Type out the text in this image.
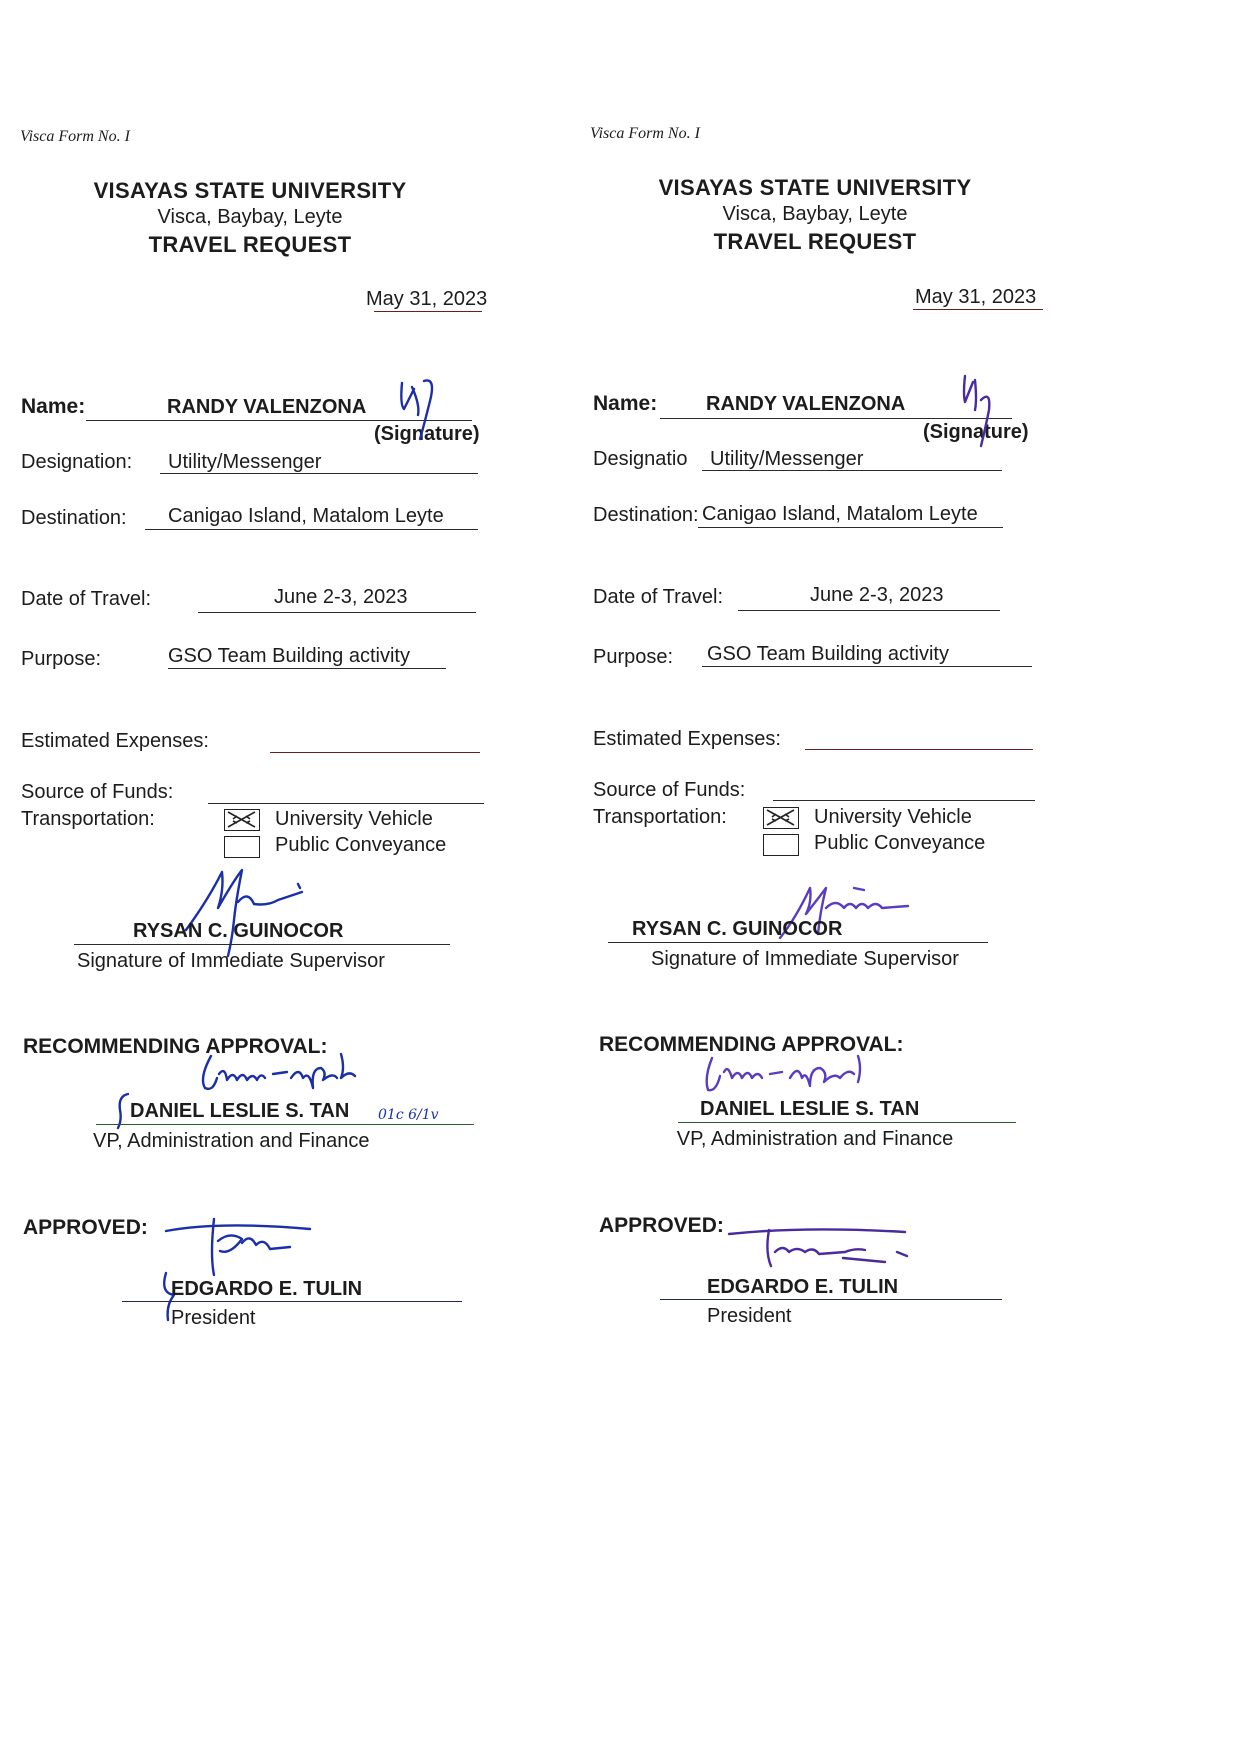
Visca Form No. I
VISAYAS STATE UNIVERSITY
Visca, Baybay, Leyte
TRAVEL REQUEST
May 31, 2023
Name:	RANDY VALENZONA
(Signature)
Designation: Utility/Messenger
Destination: Canigao Island, Matalom Leyte
Date of Travel:	June 2-3, 2023
Purpose:	GSO Team Building activity
Estimated Expenses:
Source of Funds:
Transportation:	University Vehicle
Public Conveyance
RYSAN C. GUINOCOR
Signature of Immediate Supervisor
RECOMMENDING APPROVAL:
DANIEL LESLIE S. TAN 01c 6/1v
VP, Administration and Finance
APPROVED:
EDGARDO E. TULIN
President
Visca Form No. I
VISAYAS STATE UNIVERSITY
Visca, Baybay, Leyte
TRAVEL REQUEST
May 31, 2023
Name: RANDY VALENZONA
(Signature)
Designatio Utility/Messenger
Destination: Canigao Island, Matalom Leyte
Date of Travel:	June 2-3, 2023
Purpose: GSO Team Building activity
Estimated Expenses:
Source of Funds:
Transportation:	University Vehicle
Public Conveyance
RYSAN C. GUINOCOR
Signature of Immediate Supervisor
RECOMMENDING APPROVAL:
DANIEL LESLIE S. TAN
VP, Administration and Finance
APPROVED:
EDGARDO E. TULIN
President
